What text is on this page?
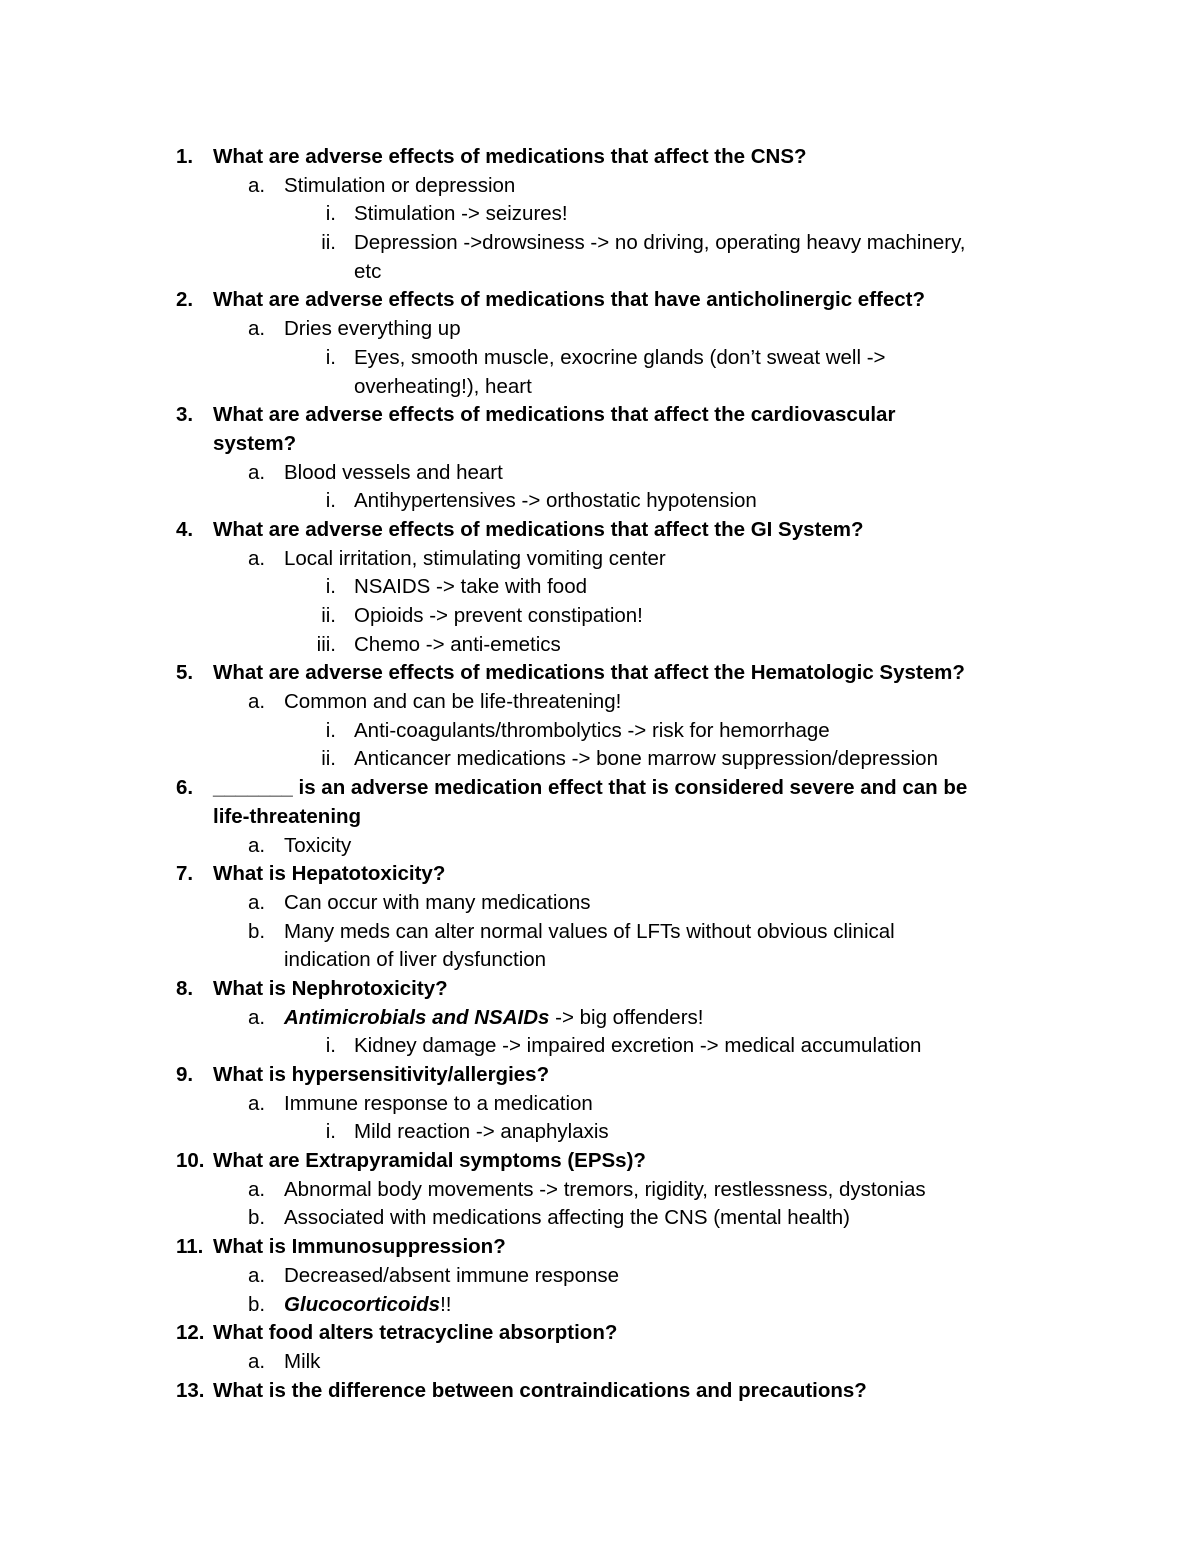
1. What are adverse effects of medications that affect the CNS?
a. Stimulation or depression
i. Stimulation -> seizures!
ii. Depression ->drowsiness -> no driving, operating heavy machinery,
etc
2. What are adverse effects of medications that have anticholinergic effect?
a. Dries everything up
i. Eyes, smooth muscle, exocrine glands (don’t sweat well ->
overheating!), heart
3. What are adverse effects of medications that affect the cardiovascular
system?
a. Blood vessels and heart
i. Antihypertensives -> orthostatic hypotension
4. What are adverse effects of medications that affect the GI System?
a. Local irritation, stimulating vomiting center
i. NSAIDS -> take with food
ii. Opioids -> prevent constipation!
iii. Chemo -> anti-emetics
5. What are adverse effects of medications that affect the Hematologic System?
a. Common and can be life-threatening!
i. Anti-coagulants/thrombolytics -> risk for hemorrhage
ii. Anticancer medications -> bone marrow suppression/depression
6. _______ is an adverse medication effect that is considered severe and can be
life-threatening
a. Toxicity
7. What is Hepatotoxicity?
a. Can occur with many medications
b. Many meds can alter normal values of LFTs without obvious clinical
indication of liver dysfunction
8. What is Nephrotoxicity?
a. Antimicrobials and NSAIDs -> big offenders!
i. Kidney damage -> impaired excretion -> medical accumulation
9. What is hypersensitivity/allergies?
a. Immune response to a medication
i. Mild reaction -> anaphylaxis
10. What are Extrapyramidal symptoms (EPSs)?
a. Abnormal body movements -> tremors, rigidity, restlessness, dystonias
b. Associated with medications affecting the CNS (mental health)
11. What is Immunosuppression?
a. Decreased/absent immune response
b. Glucocorticoids!!
12. What food alters tetracycline absorption?
a. Milk
13. What is the difference between contraindications and precautions?
